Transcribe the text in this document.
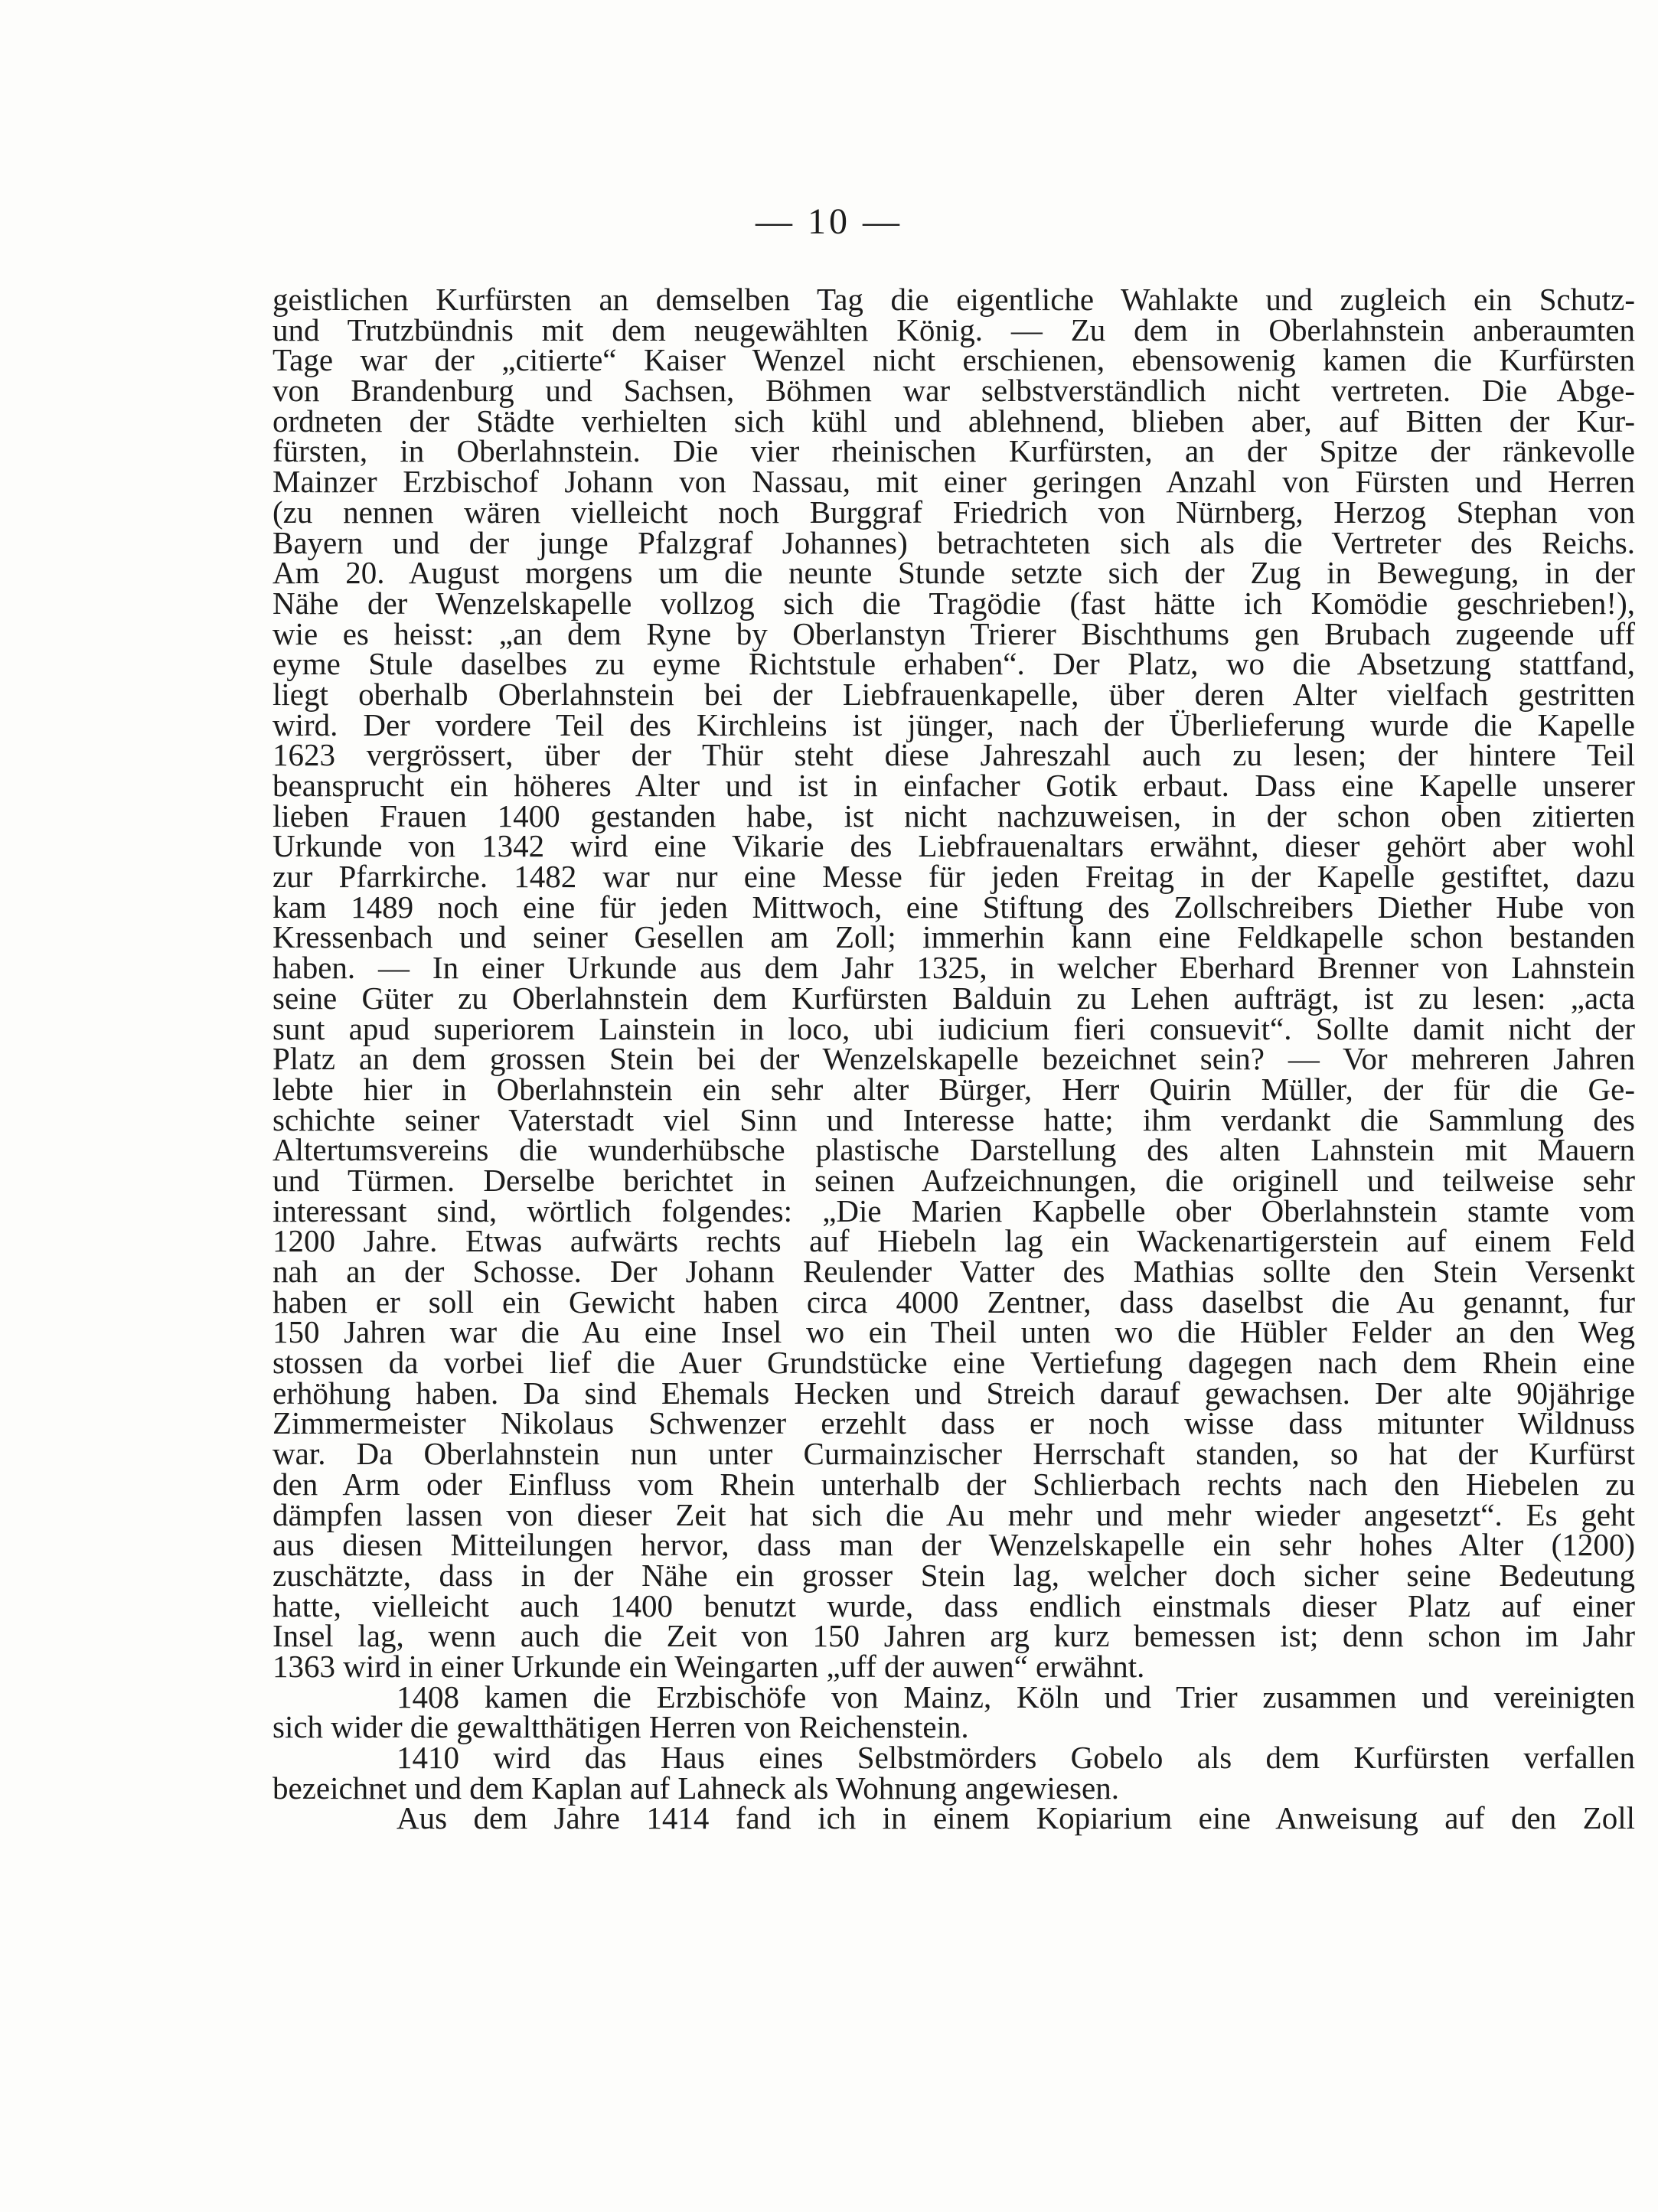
— 10 —
geistlichen Kurfürsten an demselben Tag die eigentliche Wahlakte und zugleich ein Schutz-
und Trutzbündnis mit dem neugewählten König. — Zu dem in Oberlahnstein anberaumten
Tage war der „citierte“ Kaiser Wenzel nicht erschienen, ebensowenig kamen die Kurfürsten
von Brandenburg und Sachsen, Böhmen war selbstverständlich nicht vertreten. Die Abge-
ordneten der Städte verhielten sich kühl und ablehnend, blieben aber, auf Bitten der Kur-
fürsten, in Oberlahnstein. Die vier rheinischen Kurfürsten, an der Spitze der ränkevolle
Mainzer Erzbischof Johann von Nassau, mit einer geringen Anzahl von Fürsten und Herren
(zu nennen wären vielleicht noch Burggraf Friedrich von Nürnberg, Herzog Stephan von
Bayern und der junge Pfalzgraf Johannes) betrachteten sich als die Vertreter des Reichs.
Am 20. August morgens um die neunte Stunde setzte sich der Zug in Bewegung, in der
Nähe der Wenzelskapelle vollzog sich die Tragödie (fast hätte ich Komödie geschrieben!),
wie es heisst: „an dem Ryne by Oberlanstyn Trierer Bischthums gen Brubach zugeende uff
eyme Stule daselbes zu eyme Richtstule erhaben“. Der Platz, wo die Absetzung stattfand,
liegt oberhalb Oberlahnstein bei der Liebfrauenkapelle, über deren Alter vielfach gestritten
wird. Der vordere Teil des Kirchleins ist jünger, nach der Überlieferung wurde die Kapelle
1623 vergrössert, über der Thür steht diese Jahreszahl auch zu lesen; der hintere Teil
beansprucht ein höheres Alter und ist in einfacher Gotik erbaut. Dass eine Kapelle unserer
lieben Frauen 1400 gestanden habe, ist nicht nachzuweisen, in der schon oben zitierten
Urkunde von 1342 wird eine Vikarie des Liebfrauenaltars erwähnt, dieser gehört aber wohl
zur Pfarrkirche. 1482 war nur eine Messe für jeden Freitag in der Kapelle gestiftet, dazu
kam 1489 noch eine für jeden Mittwoch, eine Stiftung des Zollschreibers Diether Hube von
Kressenbach und seiner Gesellen am Zoll; immerhin kann eine Feldkapelle schon bestanden
haben. — In einer Urkunde aus dem Jahr 1325, in welcher Eberhard Brenner von Lahnstein
seine Güter zu Oberlahnstein dem Kurfürsten Balduin zu Lehen aufträgt, ist zu lesen: „acta
sunt apud superiorem Lainstein in loco, ubi iudicium fieri consuevit“. Sollte damit nicht der
Platz an dem grossen Stein bei der Wenzelskapelle bezeichnet sein? — Vor mehreren Jahren
lebte hier in Oberlahnstein ein sehr alter Bürger, Herr Quirin Müller, der für die Ge-
schichte seiner Vaterstadt viel Sinn und Interesse hatte; ihm verdankt die Sammlung des
Altertumsvereins die wunderhübsche plastische Darstellung des alten Lahnstein mit Mauern
und Türmen. Derselbe berichtet in seinen Aufzeichnungen, die originell und teilweise sehr
interessant sind, wörtlich folgendes: „Die Marien Kapbelle ober Oberlahnstein stamte vom
1200 Jahre. Etwas aufwärts rechts auf Hiebeln lag ein Wackenartigerstein auf einem Feld
nah an der Schosse. Der Johann Reulender Vatter des Mathias sollte den Stein Versenkt
haben er soll ein Gewicht haben circa 4000 Zentner, dass daselbst die Au genannt, fur
150 Jahren war die Au eine Insel wo ein Theil unten wo die Hübler Felder an den Weg
stossen da vorbei lief die Auer Grundstücke eine Vertiefung dagegen nach dem Rhein eine
erhöhung haben. Da sind Ehemals Hecken und Streich darauf gewachsen. Der alte 90jährige
Zimmermeister Nikolaus Schwenzer erzehlt dass er noch wisse dass mitunter Wildnuss
war. Da Oberlahnstein nun unter Curmainzischer Herrschaft standen, so hat der Kurfürst
den Arm oder Einfluss vom Rhein unterhalb der Schlierbach rechts nach den Hiebelen zu
dämpfen lassen von dieser Zeit hat sich die Au mehr und mehr wieder angesetzt“. Es geht
aus diesen Mitteilungen hervor, dass man der Wenzelskapelle ein sehr hohes Alter (1200)
zuschätzte, dass in der Nähe ein grosser Stein lag, welcher doch sicher seine Bedeutung
hatte, vielleicht auch 1400 benutzt wurde, dass endlich einstmals dieser Platz auf einer
Insel lag, wenn auch die Zeit von 150 Jahren arg kurz bemessen ist; denn schon im Jahr
1363 wird in einer Urkunde ein Weingarten „uff der auwen“ erwähnt.
1408 kamen die Erzbischöfe von Mainz, Köln und Trier zusammen und vereinigten
sich wider die gewaltthätigen Herren von Reichenstein.
1410 wird das Haus eines Selbstmörders Gobelo als dem Kurfürsten verfallen
bezeichnet und dem Kaplan auf Lahneck als Wohnung angewiesen.
Aus dem Jahre 1414 fand ich in einem Kopiarium eine Anweisung auf den Zoll
